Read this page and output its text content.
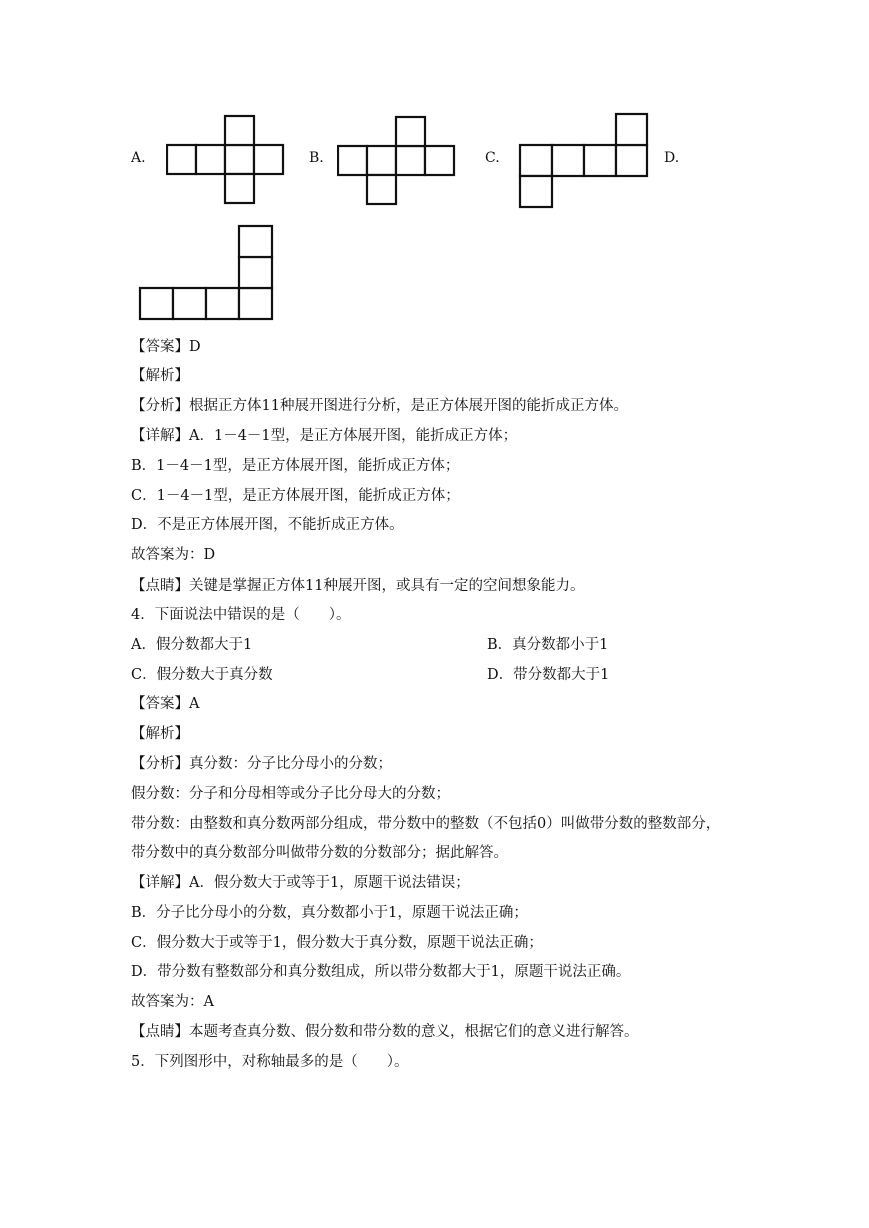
A.	B.	C.	D.
【答案】D
【解析】
【分析】根据正方体11种展开图进行分析，是正方体展开图的能折成正方体。
【详解】A．1－4－1型，是正方体展开图，能折成正方体；
B．1－4－1型，是正方体展开图，能折成正方体；
C．1－4－1型，是正方体展开图，能折成正方体；
D．不是正方体展开图，不能折成正方体。
故答案为：D
【点睛】关键是掌握正方体11种展开图，或具有一定的空间想象能力。
4．下面说法中错误的是（　　）。
A．假分数都大于1	B．真分数都小于1
C．假分数大于真分数	D．带分数都大于1
【答案】A
【解析】
【分析】真分数：分子比分母小的分数；
假分数：分子和分母相等或分子比分母大的分数；
带分数：由整数和真分数两部分组成，带分数中的整数（不包括0）叫做带分数的整数部分，
带分数中的真分数部分叫做带分数的分数部分；据此解答。
【详解】A．假分数大于或等于1，原题干说法错误；
B．分子比分母小的分数，真分数都小于1，原题干说法正确；
C．假分数大于或等于1，假分数大于真分数，原题干说法正确；
D．带分数有整数部分和真分数组成，所以带分数都大于1，原题干说法正确。
故答案为：A
【点睛】本题考查真分数、假分数和带分数的意义，根据它们的意义进行解答。
5．下列图形中，对称轴最多的是（　　）。
